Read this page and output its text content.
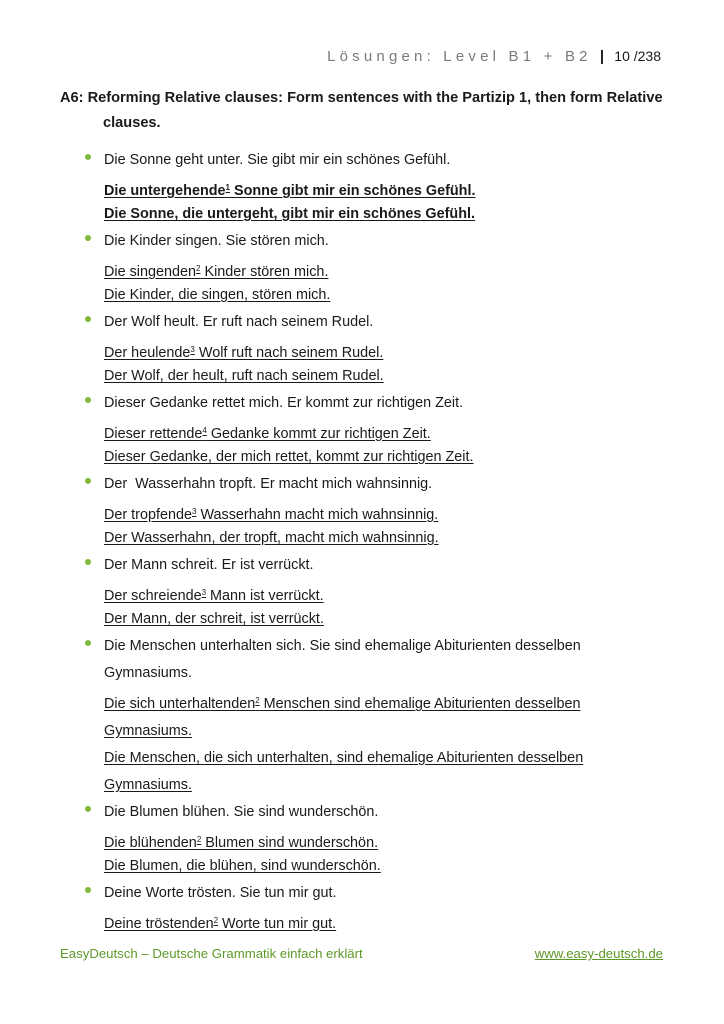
Lösungen: Level B1 + B2 | 10 /238
A6: Reforming Relative clauses: Form sentences with the Partizip 1, then form Relative
clauses.
Die Sonne geht unter. Sie gibt mir ein schönes Gefühl.
Die untergehende$^1$ Sonne gibt mir ein schönes Gefühl.
Die Sonne, die untergeht, gibt mir ein schönes Gefühl.
Die Kinder singen. Sie stören mich.
Die singenden$^2$ Kinder stören mich.
Die Kinder, die singen, stören mich.
Der Wolf heult. Er ruft nach seinem Rudel.
Der heulende$^3$ Wolf ruft nach seinem Rudel.
Der Wolf, der heult, ruft nach seinem Rudel.
Dieser Gedanke rettet mich. Er kommt zur richtigen Zeit.
Dieser rettende$^4$ Gedanke kommt zur richtigen Zeit.
Dieser Gedanke, der mich rettet, kommt zur richtigen Zeit.
Der  Wasserhahn tropft. Er macht mich wahnsinnig.
Der tropfende$^3$ Wasserhahn macht mich wahnsinnig.
Der Wasserhahn, der tropft, macht mich wahnsinnig.
Der Mann schreit. Er ist verrückt.
Der schreiende$^3$ Mann ist verrückt.
Der Mann, der schreit, ist verrückt.
Die Menschen unterhalten sich. Sie sind ehemalige Abiturienten desselben Gymnasiums.
Die sich unterhaltenden$^2$ Menschen sind ehemalige Abiturienten desselben Gymnasiums.
Die Menschen, die sich unterhalten, sind ehemalige Abiturienten desselben Gymnasiums.
Die Blumen blühen. Sie sind wunderschön.
Die blühenden$^2$ Blumen sind wunderschön.
Die Blumen, die blühen, sind wunderschön.
Deine Worte trösten. Sie tun mir gut.
Deine tröstenden$^2$ Worte tun mir gut.
EasyDeutsch – Deutsche Grammatik einfach erklärt	www.easy-deutsch.de
